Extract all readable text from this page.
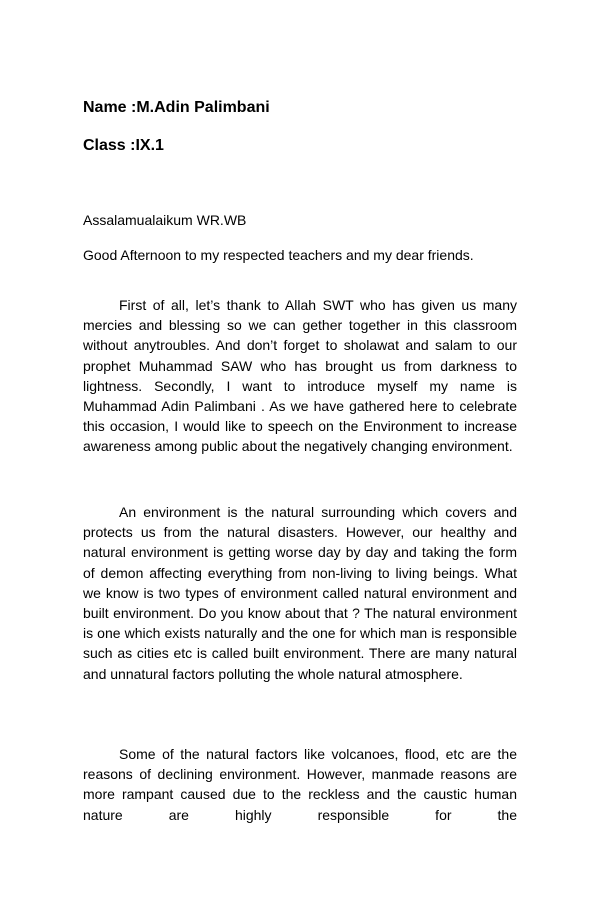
Name :M.Adin Palimbani

Class :IX.1

Assalamualaikum WR.WB

Good Afternoon to my respected teachers and my dear friends.

First of all, let’s thank to Allah SWT who has given us many mercies and blessing so we can gether together in this classroom without anytroubles. And don’t forget to sholawat and salam to our prophet Muhammad SAW who has brought us from darkness to lightness. Secondly, I want to introduce myself my name is Muhammad Adin Palimbani . As we have gathered here to celebrate this occasion, I would like to speech on the Environment to increase awareness among public about the negatively changing environment.

An environment is the natural surrounding which covers and protects us from the natural disasters. However, our healthy and natural environment is getting worse day by day and taking the form of demon affecting everything from non-living to living beings. What we know is two types of environment called natural environment and built environment. Do you know about that ? The natural environment is one which exists naturally and the one for which man is responsible such as cities etc is called built environment. There are many natural and unnatural factors polluting the whole natural atmosphere.

Some of the natural factors like volcanoes, flood, etc are the reasons of declining environment. However, manmade reasons are more rampant caused due to the reckless and the caustic human nature are highly responsible for the
